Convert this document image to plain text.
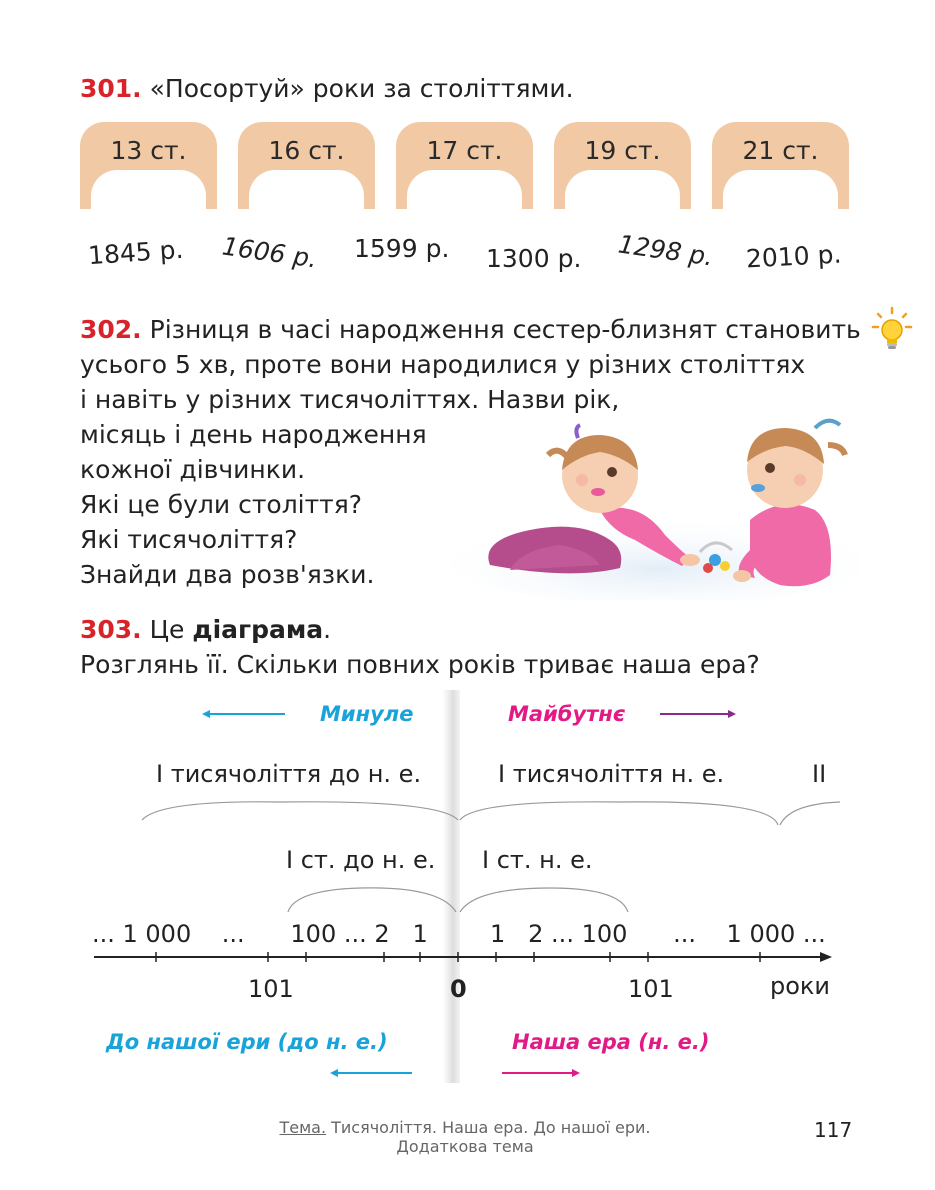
301. «Посортуй» роки за століттями.
13 ст.	16 ст.	17 ст.	19 ст.	21 ст.
1845 р. 1606 р. 1599 р. 1300 р. 1298 р. 2010 р.
302. Різниця в часі народження сестер-близнят становить
усього 5 хв, проте вони народилися у різних століттях
і навіть у різних тисячоліттях. Назви рік,
місяць і день народження
кожної дівчинки.
Які це були століття?
Які тисячоліття?
Знайди два розв'язки.
303. Це діаграма.
Розглянь її. Скільки повних років триває наша ера?
Минуле	Майбутнє
І тисячоліття до н. е.	І тисячоліття н. е.	ІІ
І ст. до н. е. І ст. н. е.
... 1 000    ...      100 ... 2   1	1   2 ... 100      ...    1 000 ...
101	0	101	роки
До нашої ери (до н. е.)	Наша ера (н. е.)
Тема. Тисячоліття. Наша ера. До нашої ери.
Додаткова тема
117
